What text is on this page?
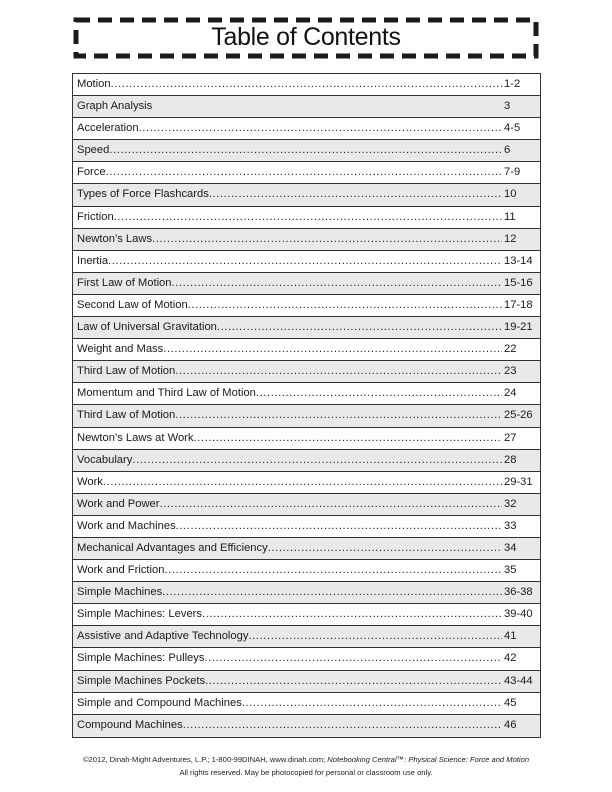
Table of Contents
Motion .....	1-2
Graph Analysis	3
Acceleration .....	4-5
Speed .....	6
Force .....	7-9
Types of Force Flashcards .....	10
Friction .....	11
Newton’s Laws .....	12
Inertia .....	13-14
First Law of Motion .....	15-16
Second Law of Motion .....	17-18
Law of Universal Gravitation .....	19-21
Weight and Mass .....	22
Third Law of Motion .....	23
Momentum and Third Law of Motion .....	24
Third Law of Motion .....	25-26
Newton’s Laws at Work .....	27
Vocabulary .....	28
Work .....	29-31
Work and Power .....	32
Work and Machines .....	33
Mechanical Advantages and Efficiency .....	34
Work and Friction .....	35
Simple Machines .....	36-38
Simple Machines: Levers .....	39-40
Assistive and Adaptive Technology .....	41
Simple Machines: Pulleys .....	42
Simple Machines Pockets .....	43-44
Simple and Compound Machines .....	45
Compound Machines .....	46
©2012, Dinah-Might Adventures, L.P.; 1-800-99DINAH, www.dinah.com; Notebooking Central™: Physical Science: Force and Motion
All rights reserved. May be photocopied for personal or classroom use only.
